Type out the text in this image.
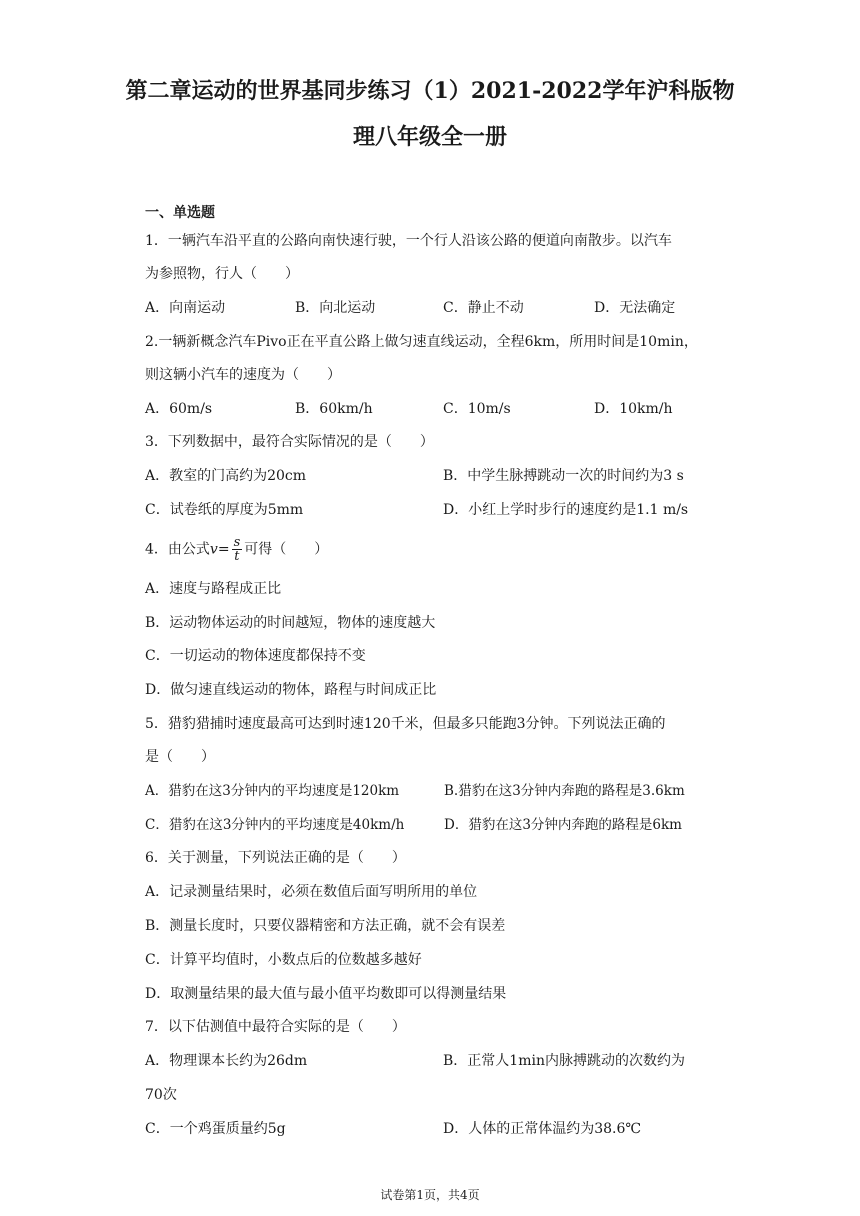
第二章运动的世界基同步练习（1）2021-2022学年沪科版物
理八年级全一册
一、单选题
1．一辆汽车沿平直的公路向南快速行驶，一个行人沿该公路的便道向南散步。以汽车
为参照物，行人（　　）
A．向南运动	B．向北运动	C．静止不动	D．无法确定
2.一辆新概念汽车Pivo正在平直公路上做匀速直线运动，全程6km，所用时间是10min，
则这辆小汽车的速度为（　　）
A．60m/s	B．60km/h	C．10m/s	D．10km/h
3．下列数据中，最符合实际情况的是（　　）
A．教室的门高约为20cm	B．中学生脉搏跳动一次的时间约为3 s
C．试卷纸的厚度为5mm	D．小红上学时步行的速度约是1.1 m/s
4．由公式$v= \frac{s}{t}$ 可得（　　）
A．速度与路程成正比
B．运动物体运动的时间越短，物体的速度越大
C．一切运动的物体速度都保持不变
D．做匀速直线运动的物体，路程与时间成正比
5．猎豹猎捕时速度最高可达到时速120千米，但最多只能跑3分钟。下列说法正确的
是（　　）
A．猎豹在这3分钟内的平均速度是120km	B.猎豹在这3分钟内奔跑的路程是3.6km
C．猎豹在这3分钟内的平均速度是40km/h	D．猎豹在这3分钟内奔跑的路程是6km
6．关于测量，下列说法正确的是（　　）
A．记录测量结果时，必须在数值后面写明所用的单位
B．测量长度时，只要仪器精密和方法正确，就不会有误差
C．计算平均值时，小数点后的位数越多越好
D．取测量结果的最大值与最小值平均数即可以得测量结果
7．以下估测值中最符合实际的是（　　）
A．物理课本长约为26dm	B．正常人1min内脉搏跳动的次数约为
70次
C．一个鸡蛋质量约5g	D．人体的正常体温约为38.6℃
试卷第1页，共4页
